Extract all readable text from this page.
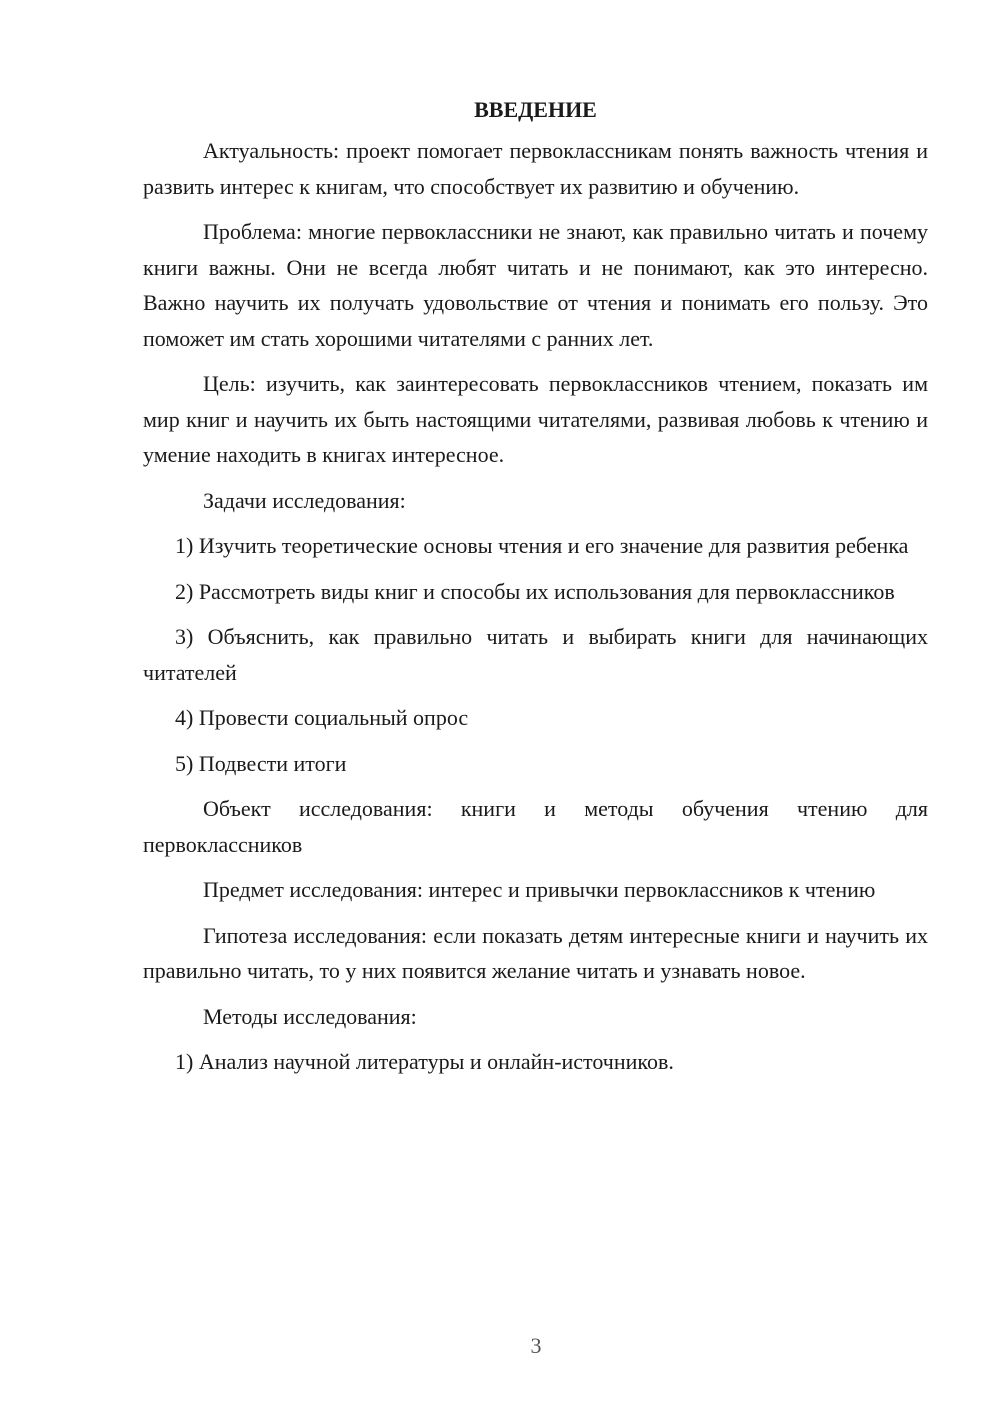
ВВЕДЕНИЕ

Актуальность: проект помогает первоклассникам понять важность чтения и развить интерес к книгам, что способствует их развитию и обучению.

Проблема: многие первоклассники не знают, как правильно читать и почему книги важны. Они не всегда любят читать и не понимают, как это интересно. Важно научить их получать удовольствие от чтения и понимать его пользу. Это поможет им стать хорошими читателями с ранних лет.

Цель: изучить, как заинтересовать первоклассников чтением, показать им мир книг и научить их быть настоящими читателями, развивая любовь к чтению и умение находить в книгах интересное.

Задачи исследования:

1) Изучить теоретические основы чтения и его значение для развития ребенка

2) Рассмотреть виды книг и способы их использования для первоклассников

3) Объяснить, как правильно читать и выбирать книги для начинающих читателей

4) Провести социальный опрос

5) Подвести итоги

Объект исследования: книги и методы обучения чтению для первоклассников

Предмет исследования: интерес и привычки первоклассников к чтению

Гипотеза исследования: если показать детям интересные книги и научить их правильно читать, то у них появится желание читать и узнавать новое.

Методы исследования:

1) Анализ научной литературы и онлайн-источников.

3
